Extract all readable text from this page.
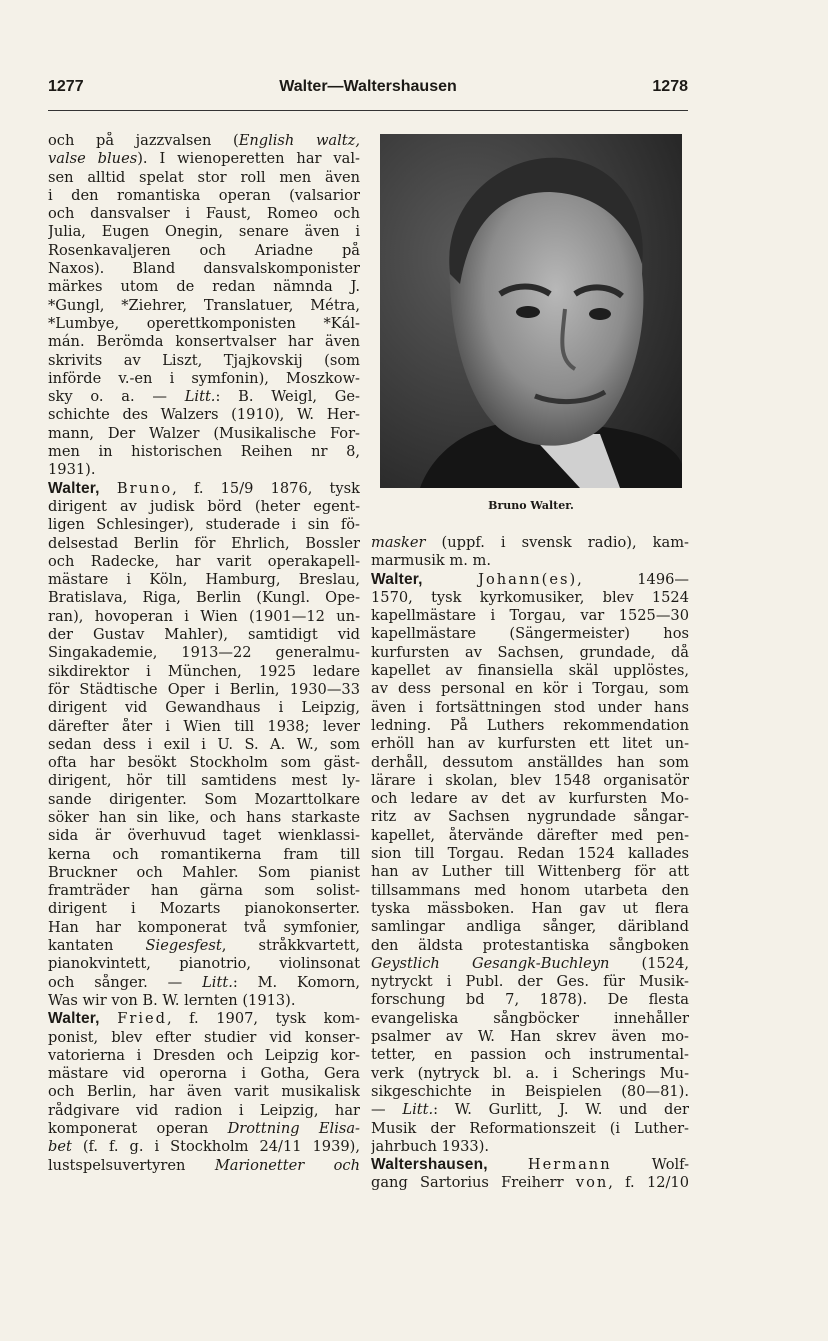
1277	Walter—Waltershausen	1278
och på jazzvalsen (English waltz,
valse blues). I wienoperetten har val-
sen alltid spelat stor roll men även
i den romantiska operan (valsarior
och dansvalser i Faust, Romeo och
Julia, Eugen Onegin, senare även i
Rosenkavaljeren och Ariadne på
Naxos). Bland dansvalskomponister
märkes utom de redan nämnda J.
*Gungl, *Ziehrer, Translatuer, Métra,
*Lumbye, operettkomponisten *Kál-
mán. Berömda konsertvalser har även
skrivits av Liszt, Tjajkovskij (som
införde v.-en i symfonin), Moszkow-
sky o. a. — Litt.: B. Weigl, Ge-
schichte des Walzers (1910), W. Her-
mann, Der Walzer (Musikalische For-
men in historischen Reihen nr 8,
1931).
Walter, Bruno, f. 15/9 1876, tysk
dirigent av judisk börd (heter egent-
ligen Schlesinger), studerade i sin fö-
delsestad Berlin för Ehrlich, Bossler
och Radecke, har varit operakapell-
mästare i Köln, Hamburg, Breslau,
Bratislava, Riga, Berlin (Kungl. Ope-
ran), hovoperan i Wien (1901—12 un-
der Gustav Mahler), samtidigt vid
Singakademie, 1913—22 generalmu-
sikdirektor i München, 1925 ledare
för Städtische Oper i Berlin, 1930—33
dirigent vid Gewandhaus i Leipzig,
därefter åter i Wien till 1938; lever
sedan dess i exil i U. S. A. W., som
ofta har besökt Stockholm som gäst-
dirigent, hör till samtidens mest ly-
sande dirigenter. Som Mozarttolkare
söker han sin like, och hans starkaste
sida är överhuvud taget wienklassi-
kerna och romantikerna fram till
Bruckner och Mahler. Som pianist
framträder han gärna som solist-
dirigent i Mozarts pianokonserter.
Han har komponerat två symfonier,
kantaten Siegesfest, stråkkvartett,
pianokvintett, pianotrio, violinsonat
och sånger. — Litt.: M. Komorn,
Was wir von B. W. lernten (1913).
Walter, Fried, f. 1907, tysk kom-
ponist, blev efter studier vid konser-
vatorierna i Dresden och Leipzig kor-
mästare vid operorna i Gotha, Gera
och Berlin, har även varit musikalisk
rådgivare vid radion i Leipzig, har
komponerat operan Drottning Elisa-
bet (f. f. g. i Stockholm 24/11 1939),
lustspelsuvertyren Marionetter och
Bruno Walter.
masker (uppf. i svensk radio), kam-
marmusik m. m.
Walter,	Johann(es), 1496—
1570, tysk kyrkomusiker, blev 1524
kapellmästare i Torgau, var 1525—30
kapellmästare (Sängermeister) hos
kurfursten av Sachsen, grundade, då
kapellet av finansiella skäl upplöstes,
av dess personal en kör i Torgau, som
även i fortsättningen stod under hans
ledning. På Luthers rekommendation
erhöll han av kurfursten ett litet un-
derhåll, dessutom anställdes han som
lärare i skolan, blev 1548 organisatör
och ledare av det av kurfursten Mo-
ritz av Sachsen nygrundade sångar-
kapellet, återvände därefter med pen-
sion till Torgau. Redan 1524 kallades
han av Luther till Wittenberg för att
tillsammans med honom utarbeta den
tyska mässboken. Han gav ut flera
samlingar andliga sånger, däribland
den äldsta protestantiska sångboken
Geystlich Gesangk-Buchleyn (1524,
nytryckt i Publ. der Ges. für Musik-
forschung bd 7, 1878). De flesta
evangeliska sångböcker innehåller
psalmer av W. Han skrev även mo-
tetter, en passion och instrumental-
verk (nytryck bl. a. i Scherings Mu-
sikgeschichte in Beispielen (80—81).
— Litt.: W. Gurlitt, J. W. und der
Musik der Reformationszeit (i Luther-
jahrbuch 1933).
Waltershausen,	Hermann Wolf-
gang Sartorius Freiherr von, f. 12/10
